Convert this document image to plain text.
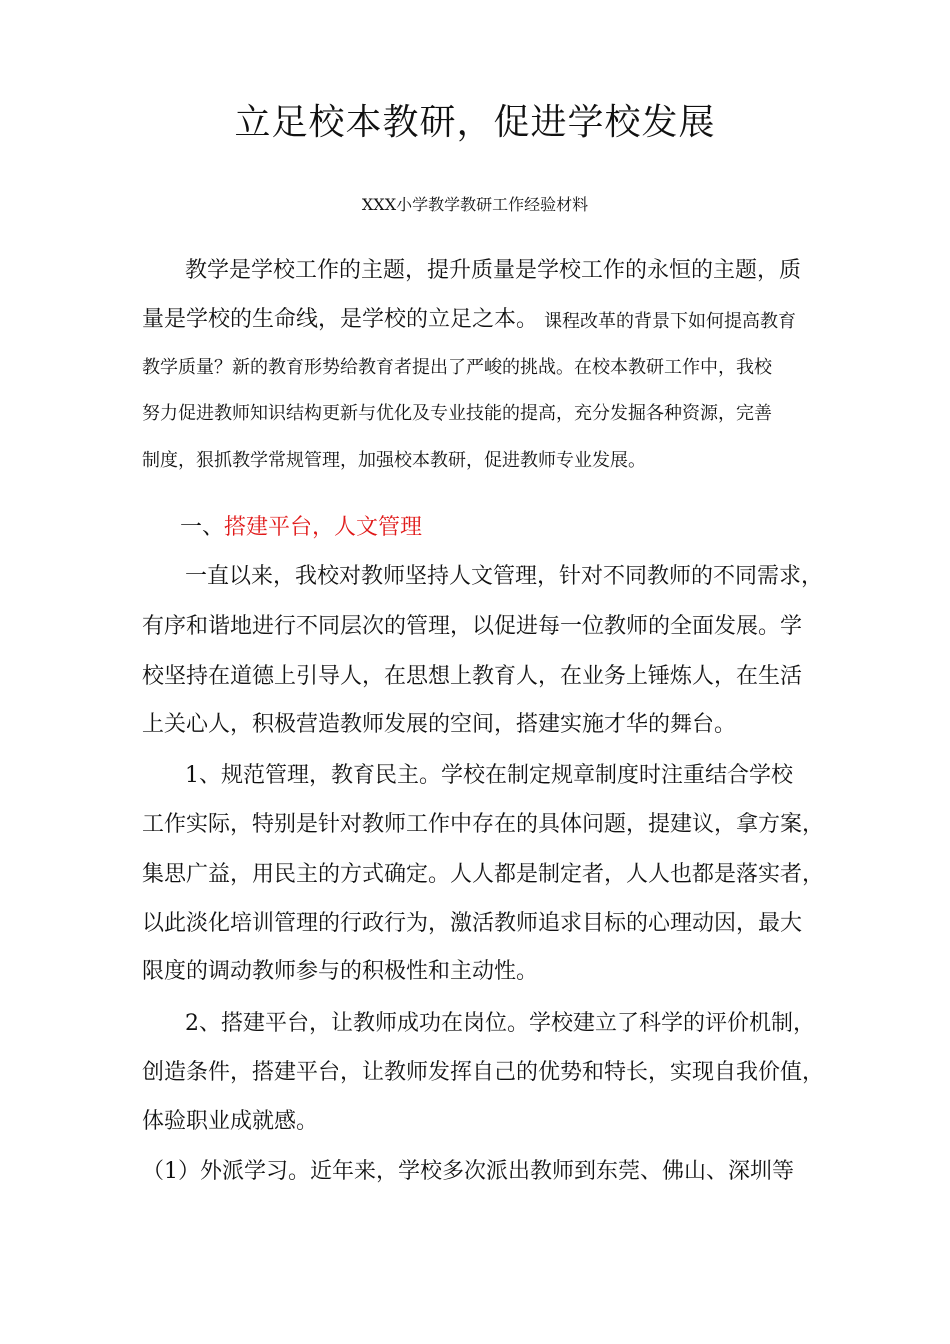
立足校本教研，促进学校发展
XXX小学教学教研工作经验材料
教学是学校工作的主题，提升质量是学校工作的永恒的主题，质
量是学校的生命线，是学校的立足之本。 课程改革的背景下如何提高教育
教学质量？新的教育形势给教育者提出了严峻的挑战。在校本教研工作中，我校
努力促进教师知识结构更新与优化及专业技能的提高，充分发掘各种资源，完善
制度，狠抓教学常规管理，加强校本教研，促进教师专业发展。
一、搭建平台，人文管理
一直以来，我校对教师坚持人文管理，针对不同教师的不同需求，
有序和谐地进行不同层次的管理，以促进每一位教师的全面发展。学
校坚持在道德上引导人，在思想上教育人，在业务上锤炼人，在生活
上关心人，积极营造教师发展的空间，搭建实施才华的舞台。
1、规范管理，教育民主。学校在制定规章制度时注重结合学校
工作实际，特别是针对教师工作中存在的具体问题，提建议，拿方案，
集思广益，用民主的方式确定。人人都是制定者，人人也都是落实者，
以此淡化培训管理的行政行为，激活教师追求目标的心理动因，最大
限度的调动教师参与的积极性和主动性。
2、搭建平台，让教师成功在岗位。学校建立了科学的评价机制，
创造条件，搭建平台，让教师发挥自己的优势和特长，实现自我价值，
体验职业成就感。
（1）外派学习。近年来，学校多次派出教师到东莞、佛山、深圳等
